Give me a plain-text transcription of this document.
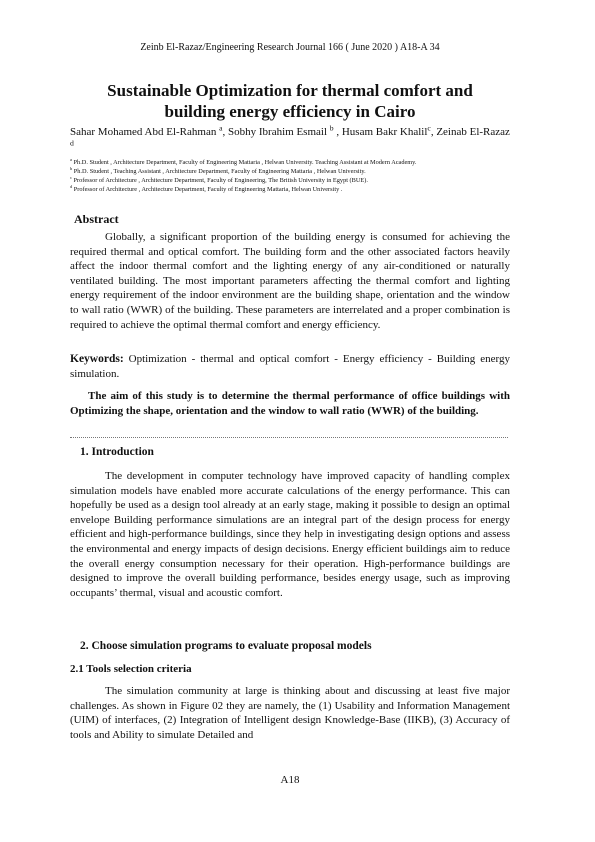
Zeinb El-Razaz/Engineering Research Journal 166 ( June 2020 ) A18-A 34
Sustainable Optimization for thermal comfort and
building energy efficiency in Cairo
Sahar Mohamed Abd El-Rahman $^a$, Sobhy Ibrahim Esmail $^b$ , Husam Bakr Khalil$^c$, Zeinab El-Razaz $^d$
$^a$ Ph.D. Student , Architecture Department, Faculty of Engineering Mattaria , Helwan University. Teaching Assistant at Modern Academy.
$^b$ Ph.D. Student , Teaching Assistant , Architecture Department, Faculty of Engineering Mattaria , Helwan University.
$^c$ Professor of Architecture , Architecture Department, Faculty of Engineering, The British University in Egypt (BUE).
$^d$ Professor of Architecture , Architecture Department, Faculty of Engineering Mattaria, Helwan University .
Abstract

Globally, a significant proportion of the building energy is consumed for achieving the required thermal and optical comfort. The building form and the other associated factors heavily affect the indoor thermal comfort and the lighting energy of any air-conditioned or naturally ventilated building. The most important parameters affecting the thermal comfort and lighting energy requirement of the indoor environment are the building shape, orientation and the window to wall ratio (WWR) of the building. These parameters are interrelated and a proper combination is required to achieve the optimal thermal comfort and energy efficiency.

Keywords: Optimization - thermal and optical comfort - Energy efficiency - Building energy simulation.
The aim of this study is to determine the thermal performance of office buildings with Optimizing the shape, orientation and the window to wall ratio (WWR) of the building.
1. Introduction

The development in computer technology have improved capacity of handling complex simulation models have enabled more accurate calculations of the energy performance. This can hopefully be used as a design tool already at an early stage, making it possible to design an optimal envelope Building performance simulations are an integral part of the design process for energy efficient and high-performance buildings, since they help in investigating design options and assess the environmental and energy impacts of design decisions. Energy efficient buildings aim to reduce the overall energy consumption necessary for their operation. High-performance buildings are designed to improve the overall building performance, besides energy usage, such as improving occupants’ thermal, visual and acoustic comfort.

2. Choose simulation programs to evaluate proposal models
2.1 Tools selection criteria

The simulation community at large is thinking about and discussing at least five major challenges. As shown in Figure 02 they are namely, the (1) Usability and Information Management (UIM) of interfaces, (2) Integration of Intelligent design Knowledge-Base (IIKB), (3) Accuracy of tools and Ability to simulate Detailed and

A18
